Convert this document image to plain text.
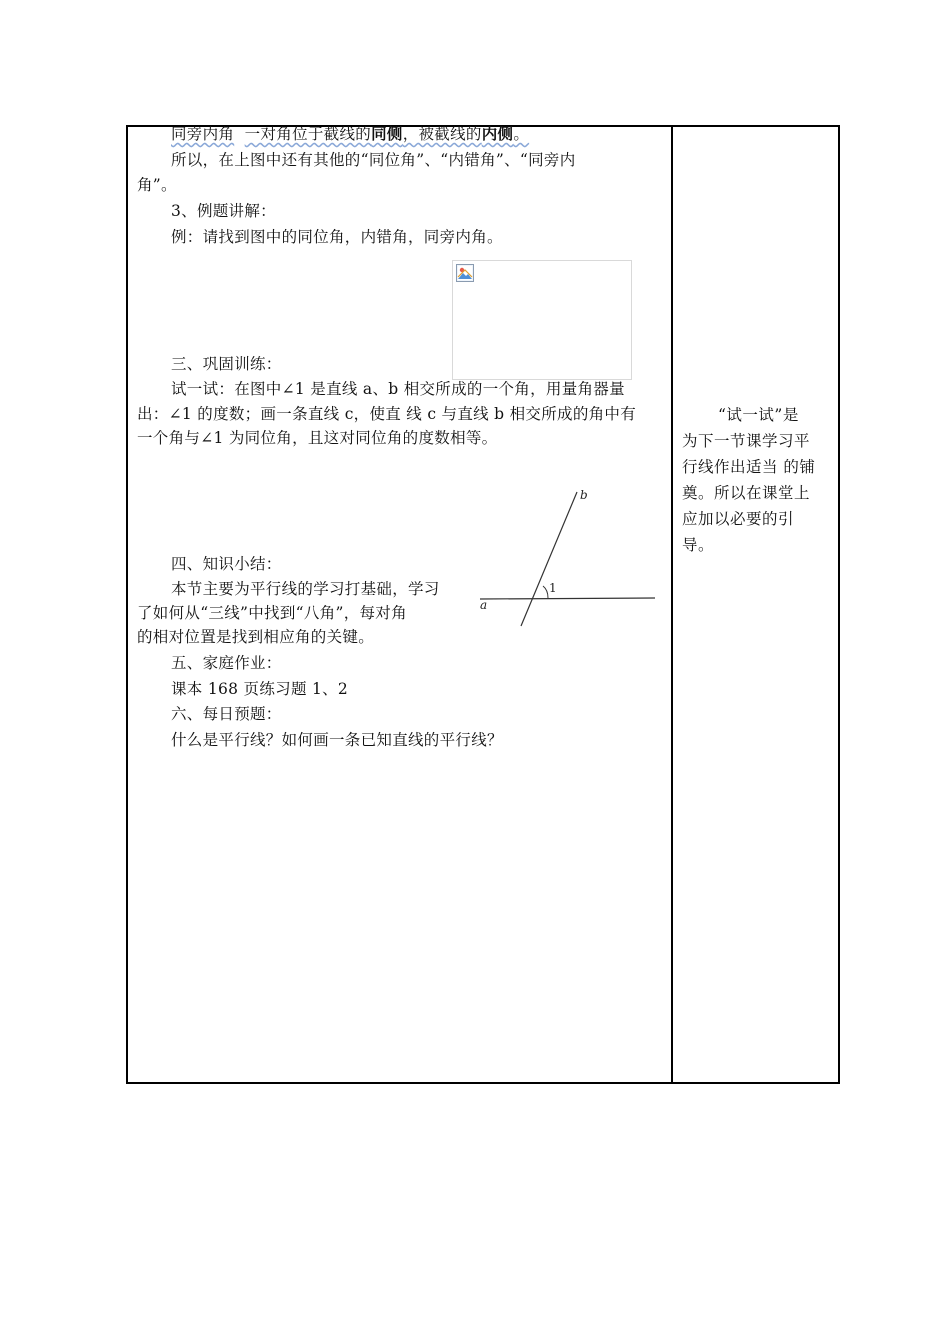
同旁内角 一对角位于截线的同侧，被截线的内侧。
所以，在上图中还有其他的“同位角”、“内错角”、“同旁内
角”。
3、例题讲解：
例：请找到图中的同位角，内错角，同旁内角。
三、巩固训练：
试一试：在图中∠1 是直线 a、b 相交所成的一个角，用量角器量
出：∠1 的度数；画一条直线 c，使直 线 c 与直线 b 相交所成的角中有
一个角与∠1 为同位角，且这对同位角的度数相等。
四、知识小结：
本节主要为平行线的学习打基础，学习
了如何从“三线”中找到“八角”，每对角
的相对位置是找到相应角的关键。
五、家庭作业：
课本 168 页练习题 1、2
六、每日预题：
什么是平行线？如何画一条已知直线的平行线？
1
a
b
“试一试”是
为下一节课学习平
行线作出适当 的铺
奠。所以在课堂上
应加以必要的引
导。
